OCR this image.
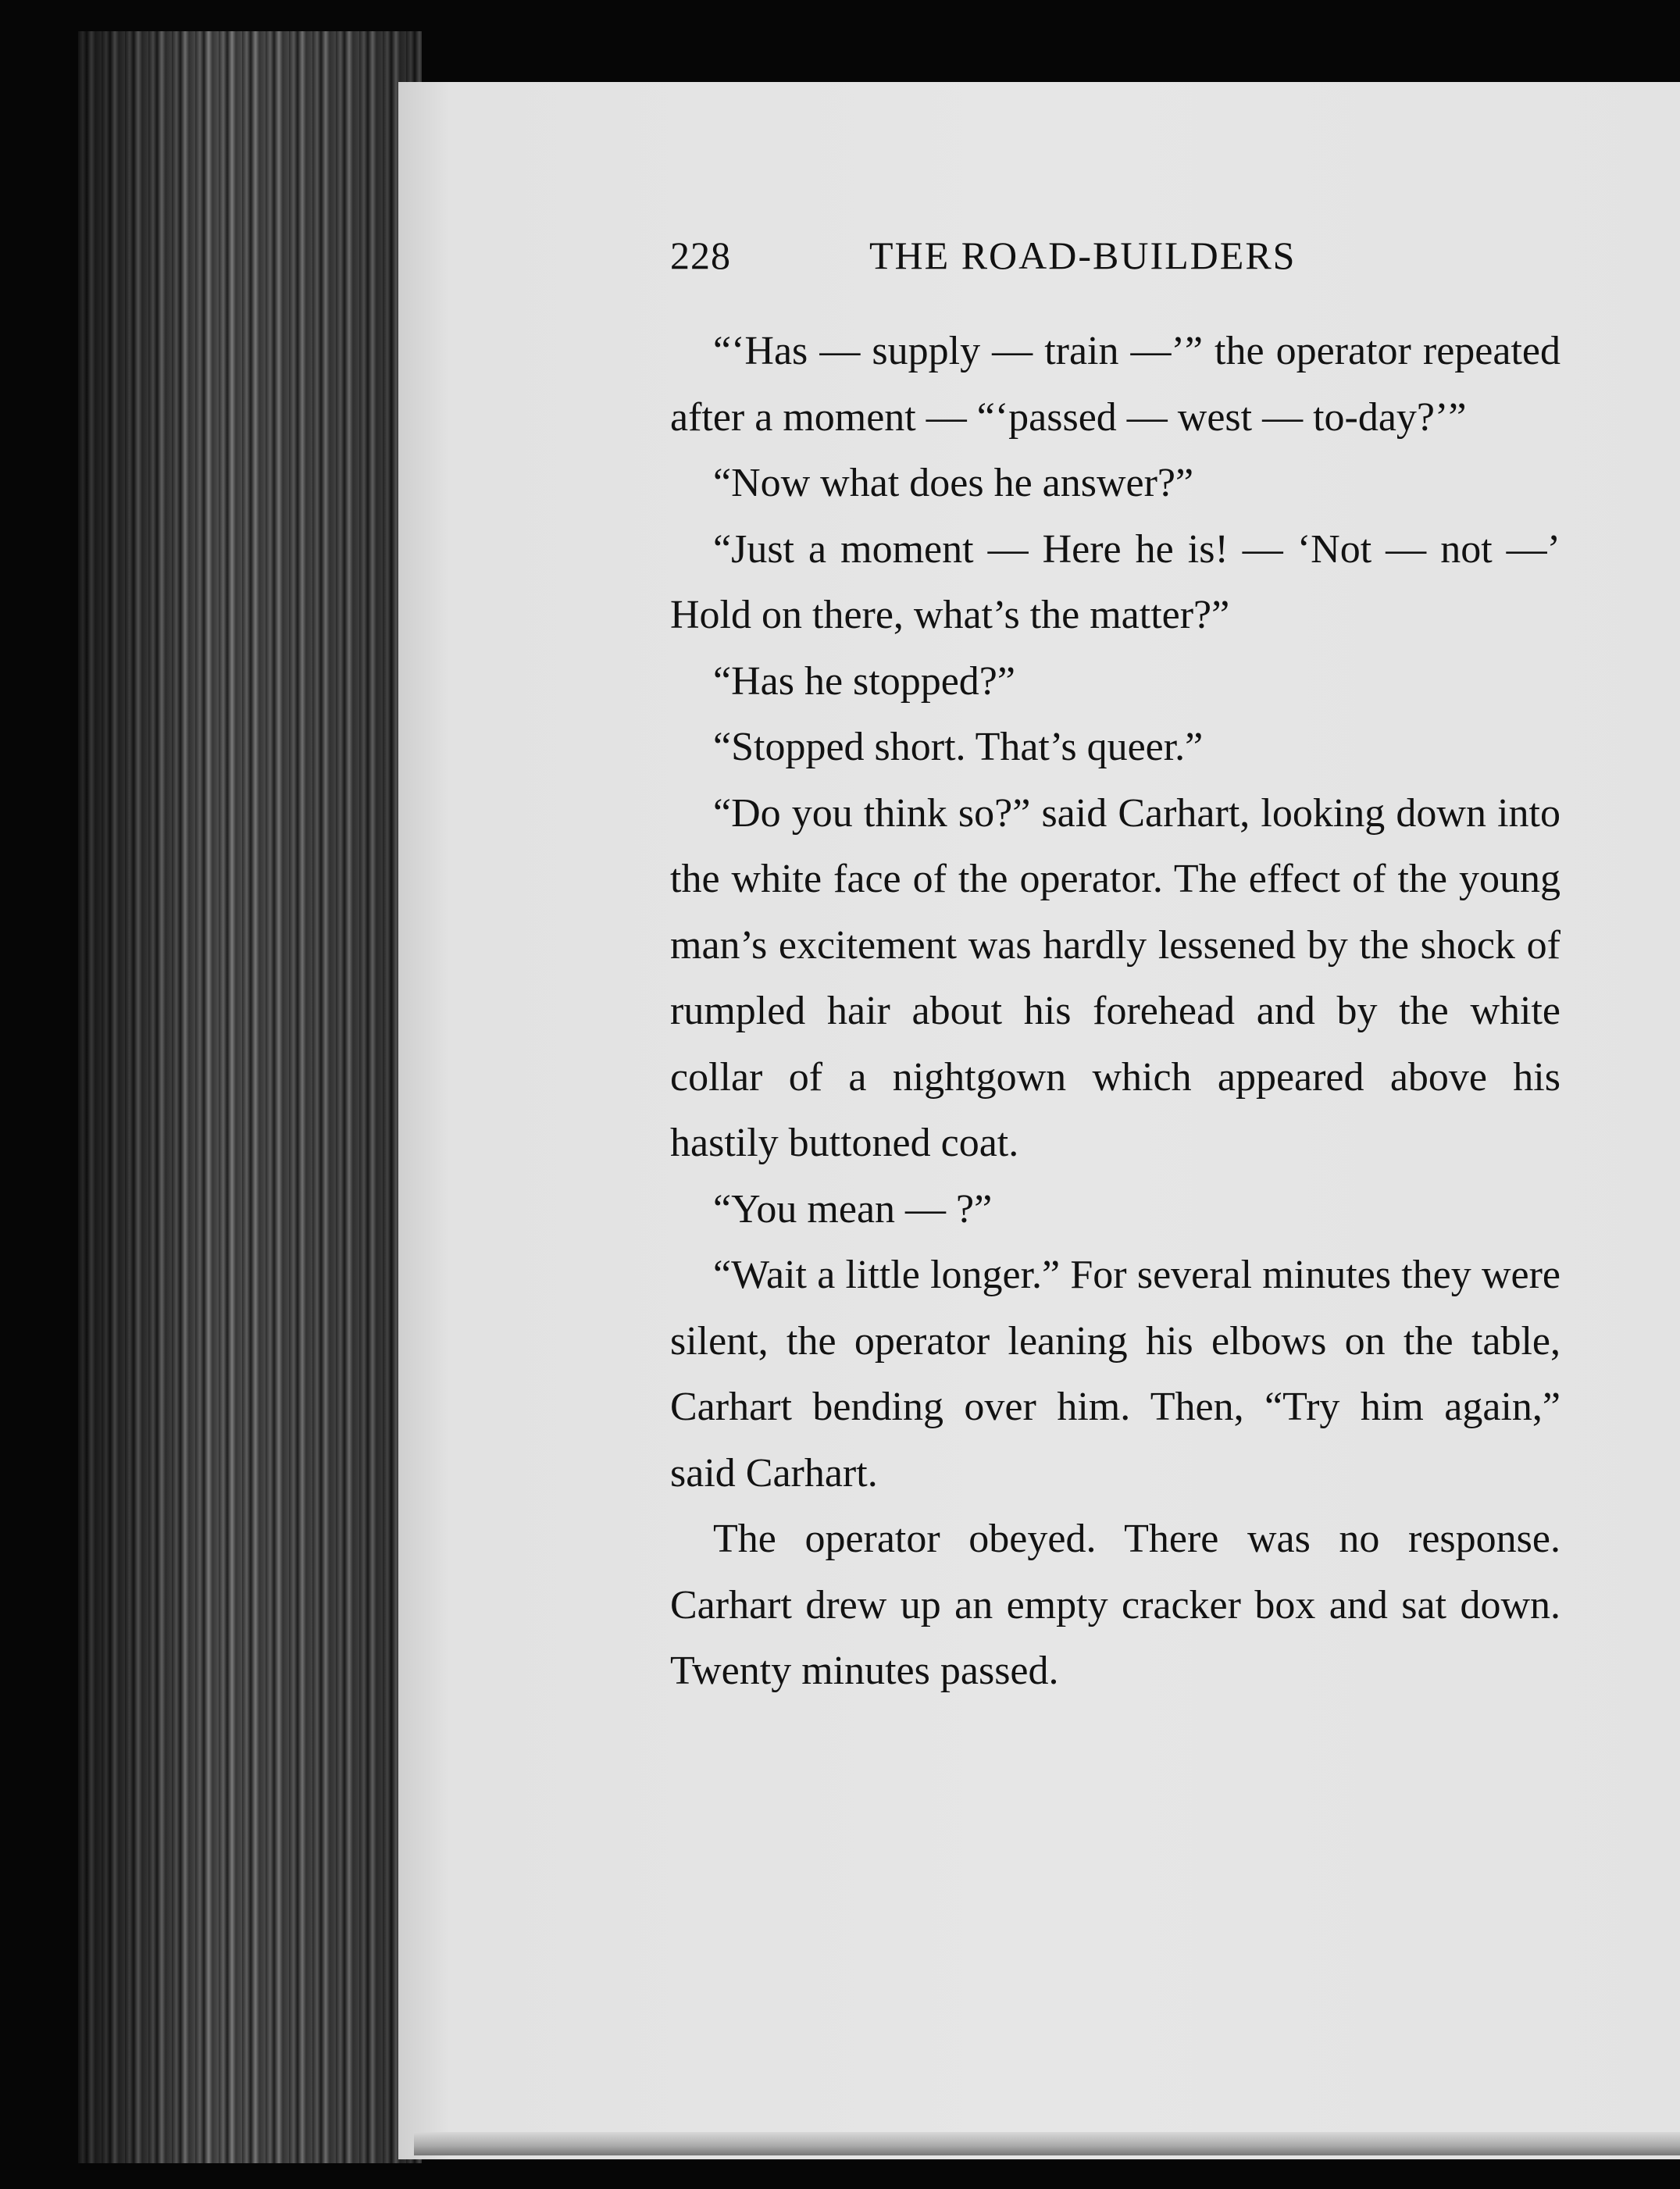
228	THE ROAD-BUILDERS

“‘Has — supply — train —’” the operator repeated after a moment — “‘passed — west — to-day?’”

“Now what does he answer?”

“Just a moment — Here he is! — ‘Not — not —’ Hold on there, what’s the matter?”

“Has he stopped?”

“Stopped short. That’s queer.”

“Do you think so?” said Carhart, looking down into the white face of the operator. The effect of the young man’s excitement was hardly lessened by the shock of rumpled hair about his forehead and by the white collar of a nightgown which appeared above his hastily buttoned coat.

“You mean — ?”

“Wait a little longer.” For several minutes they were silent, the operator leaning his elbows on the table, Carhart bending over him. Then, “Try him again,” said Carhart.

The operator obeyed. There was no response. Carhart drew up an empty cracker box and sat down. Twenty minutes passed.
